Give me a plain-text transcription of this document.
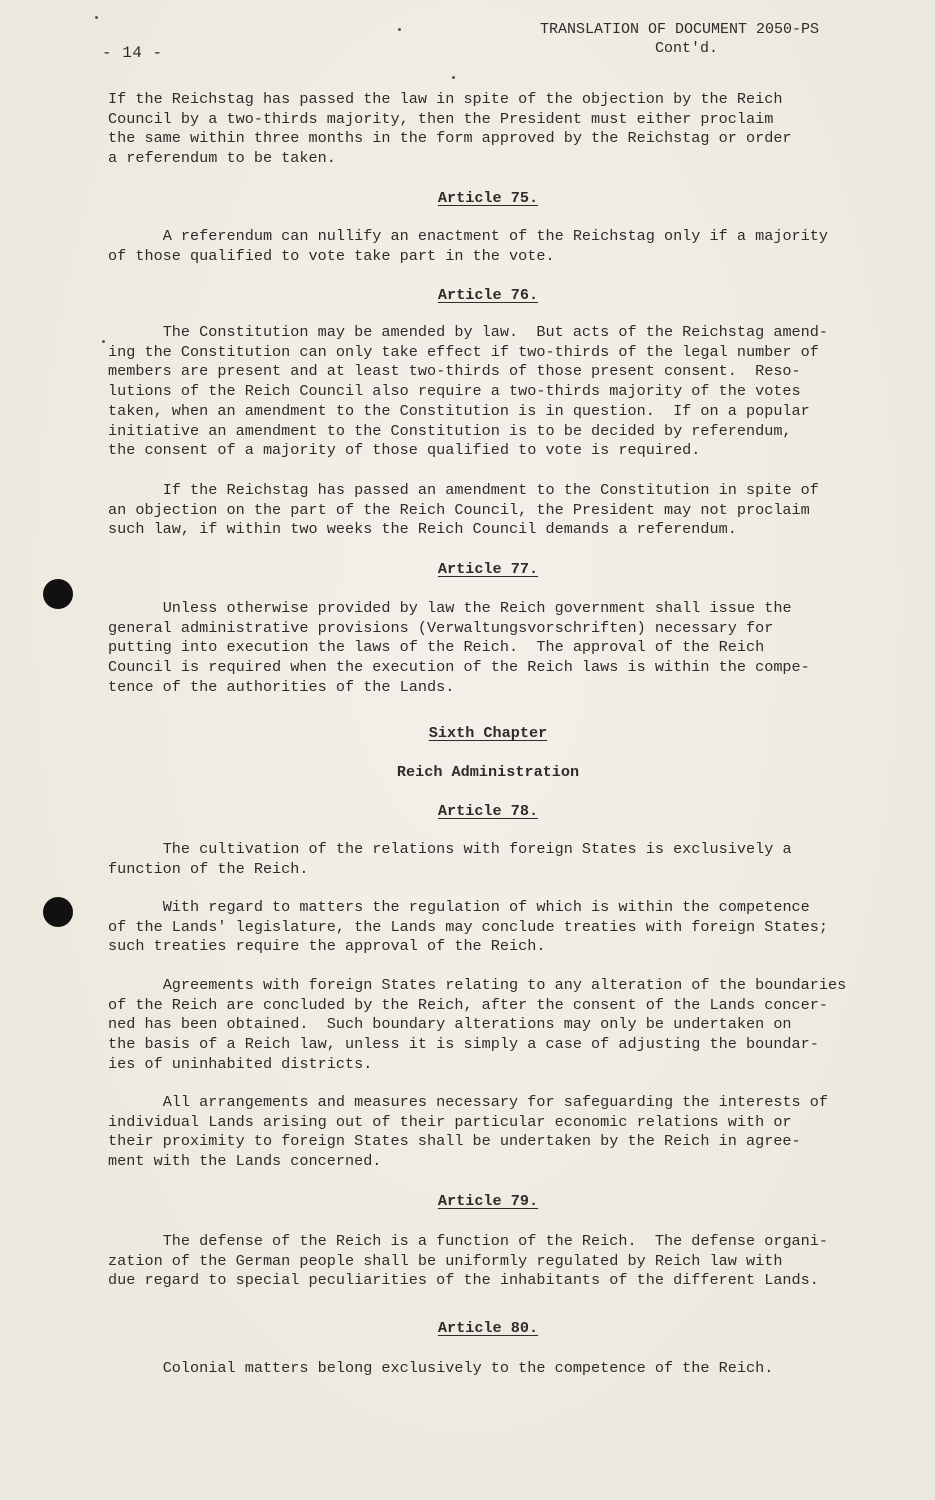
- 14 -
TRANSLATION OF DOCUMENT 2050-PS
Cont'd.

If the Reichstag has passed the law in spite of the objection by the Reich
Council by a two-thirds majority, then the President must either proclaim
the same within three months in the form approved by the Reichstag or order
a referendum to be taken.

Article 75.

A referendum can nullify an enactment of the Reichstag only if a majority
of those qualified to vote take part in the vote.

Article 76.

The Constitution may be amended by law.  But acts of the Reichstag amend-
ing the Constitution can only take effect if two-thirds of the legal number of
members are present and at least two-thirds of those present consent.  Reso-
lutions of the Reich Council also require a two-thirds majority of the votes
taken, when an amendment to the Constitution is in question.  If on a popular
initiative an amendment to the Constitution is to be decided by referendum,
the consent of a majority of those qualified to vote is required.

If the Reichstag has passed an amendment to the Constitution in spite of
an objection on the part of the Reich Council, the President may not proclaim
such law, if within two weeks the Reich Council demands a referendum.

Article 77.

Unless otherwise provided by law the Reich government shall issue the
general administrative provisions (Verwaltungsvorschriften) necessary for
putting into execution the laws of the Reich.  The approval of the Reich
Council is required when the execution of the Reich laws is within the compe-
tence of the authorities of the Lands.

Sixth Chapter
Reich Administration
Article 78.

The cultivation of the relations with foreign States is exclusively a
function of the Reich.

With regard to matters the regulation of which is within the competence
of the Lands' legislature, the Lands may conclude treaties with foreign States;
such treaties require the approval of the Reich.

Agreements with foreign States relating to any alteration of the boundaries
of the Reich are concluded by the Reich, after the consent of the Lands concer-
ned has been obtained.  Such boundary alterations may only be undertaken on
the basis of a Reich law, unless it is simply a case of adjusting the boundar-
ies of uninhabited districts.

All arrangements and measures necessary for safeguarding the interests of
individual Lands arising out of their particular economic relations with or
their proximity to foreign States shall be undertaken by the Reich in agree-
ment with the Lands concerned.

Article 79.

The defense of the Reich is a function of the Reich.  The defense organi-
zation of the German people shall be uniformly regulated by Reich law with
due regard to special peculiarities of the inhabitants of the different Lands.

Article 80.

Colonial matters belong exclusively to the competence of the Reich.
